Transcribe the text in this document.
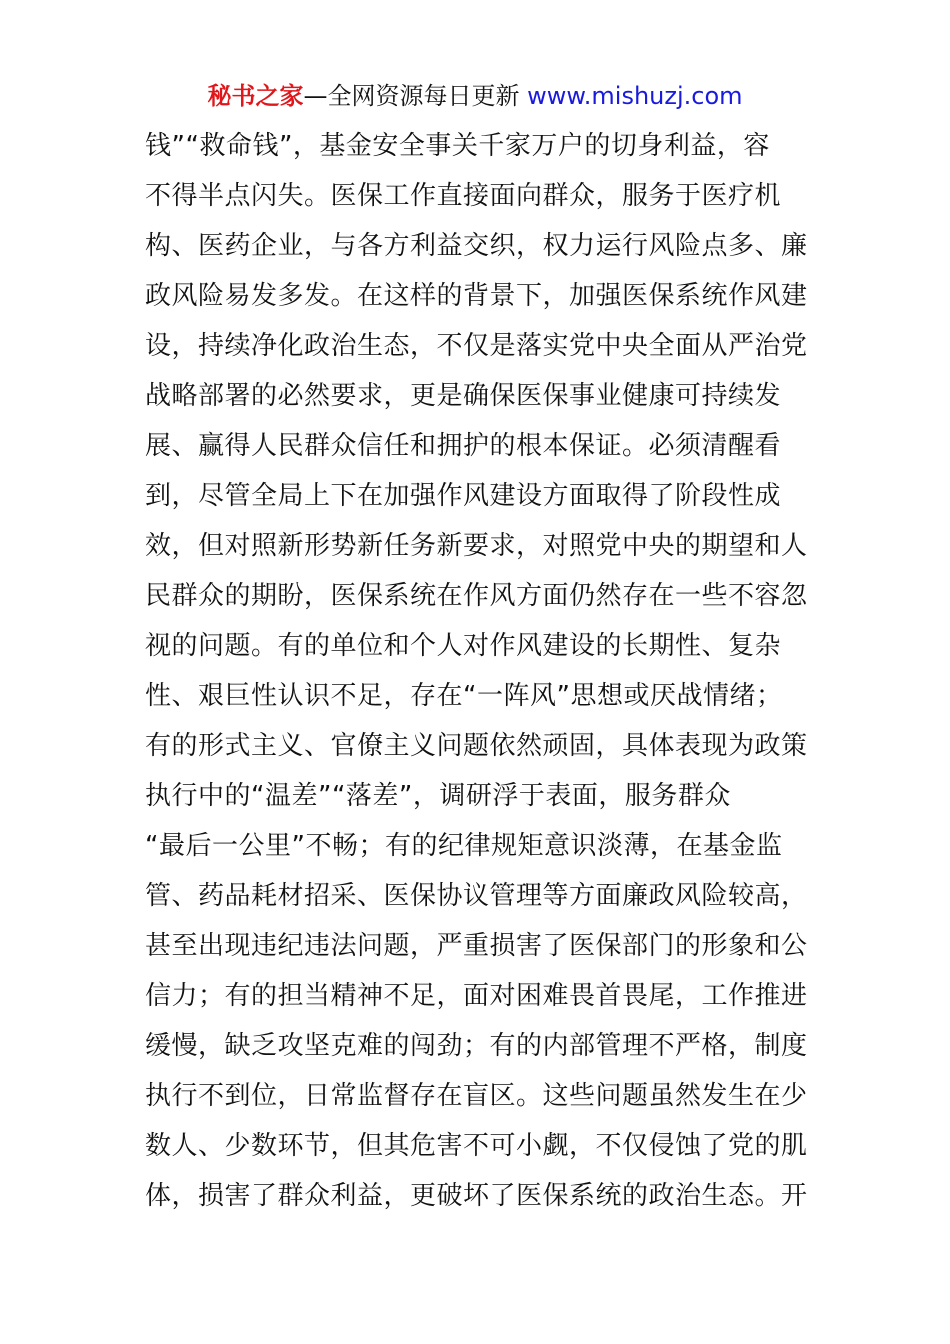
秘书之家—全网资源每日更新 www.mishuzj.com
钱”“救命钱”，基金安全事关千家万户的切身利益，容
不得半点闪失。医保工作直接面向群众，服务于医疗机
构、医药企业，与各方利益交织，权力运行风险点多、廉
政风险易发多发。在这样的背景下，加强医保系统作风建
设，持续净化政治生态，不仅是落实党中央全面从严治党
战略部署的必然要求，更是确保医保事业健康可持续发
展、赢得人民群众信任和拥护的根本保证。必须清醒看
到，尽管全局上下在加强作风建设方面取得了阶段性成
效，但对照新形势新任务新要求，对照党中央的期望和人
民群众的期盼，医保系统在作风方面仍然存在一些不容忽
视的问题。有的单位和个人对作风建设的长期性、复杂
性、艰巨性认识不足，存在“一阵风”思想或厌战情绪；
有的形式主义、官僚主义问题依然顽固，具体表现为政策
执行中的“温差”“落差”，调研浮于表面，服务群众
“最后一公里”不畅；有的纪律规矩意识淡薄，在基金监
管、药品耗材招采、医保协议管理等方面廉政风险较高，
甚至出现违纪违法问题，严重损害了医保部门的形象和公
信力；有的担当精神不足，面对困难畏首畏尾，工作推进
缓慢，缺乏攻坚克难的闯劲；有的内部管理不严格，制度
执行不到位，日常监督存在盲区。这些问题虽然发生在少
数人、少数环节，但其危害不可小觑，不仅侵蚀了党的肌
体，损害了群众利益，更破坏了医保系统的政治生态。开
